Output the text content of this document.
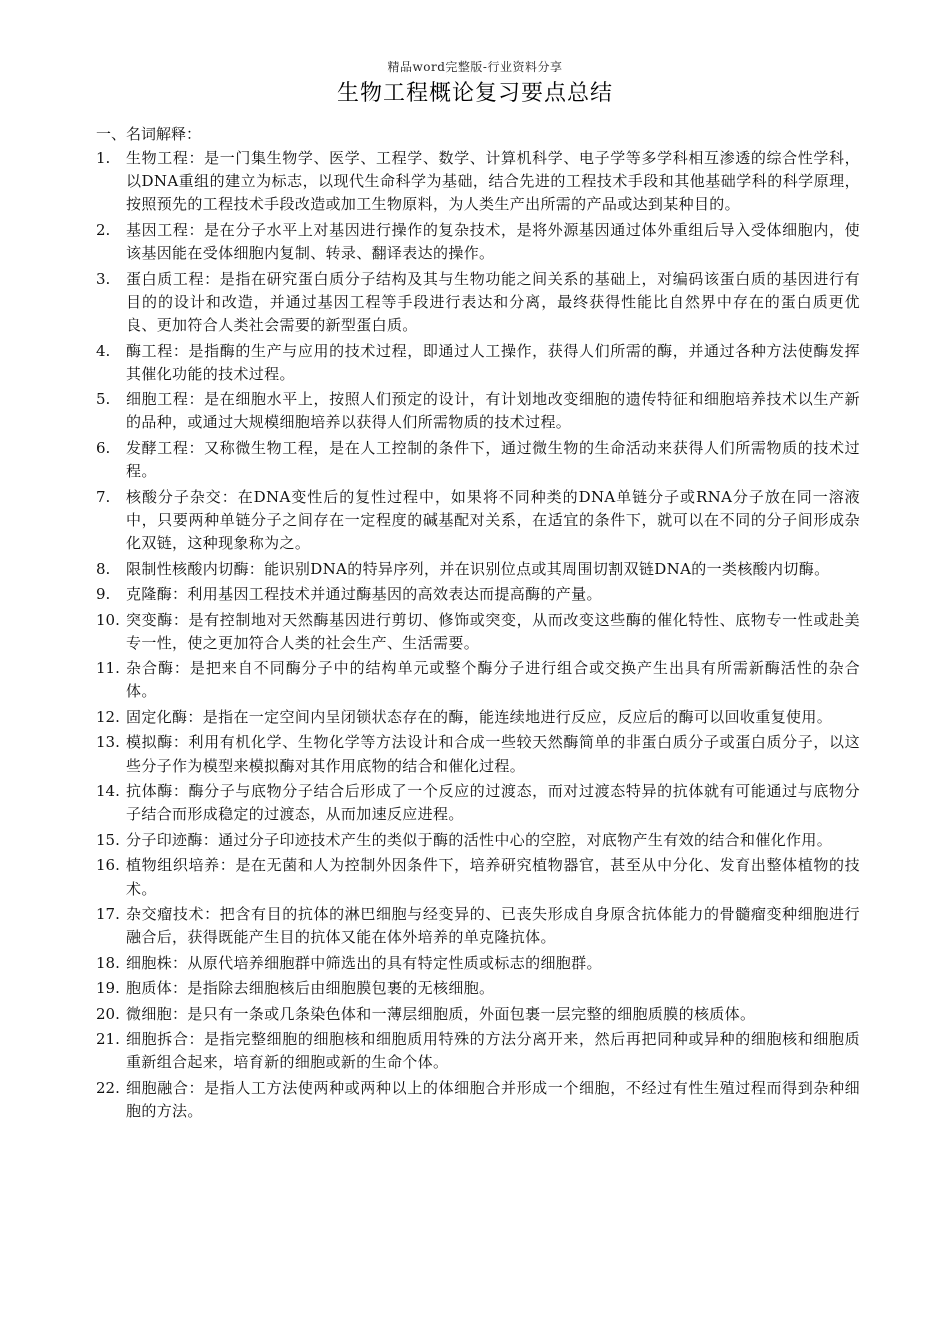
精品word完整版-行业资料分享
生物工程概论复习要点总结
一、名词解释：
1.	生物工程：是一门集生物学、医学、工程学、数学、计算机科学、电子学等多学科相互渗透的综合性学科，以DNA重组的建立为标志，以现代生命科学为基础，结合先进的工程技术手段和其他基础学科的科学原理，按照预先的工程技术手段改造或加工生物原料，为人类生产出所需的产品或达到某种目的。
2.	基因工程：是在分子水平上对基因进行操作的复杂技术，是将外源基因通过体外重组后导入受体细胞内，使该基因能在受体细胞内复制、转录、翻译表达的操作。
3.	蛋白质工程：是指在研究蛋白质分子结构及其与生物功能之间关系的基础上，对编码该蛋白质的基因进行有目的的设计和改造，并通过基因工程等手段进行表达和分离，最终获得性能比自然界中存在的蛋白质更优良、更加符合人类社会需要的新型蛋白质。
4.	酶工程：是指酶的生产与应用的技术过程，即通过人工操作，获得人们所需的酶，并通过各种方法使酶发挥其催化功能的技术过程。
5.	细胞工程：是在细胞水平上，按照人们预定的设计，有计划地改变细胞的遗传特征和细胞培养技术以生产新的品种，或通过大规模细胞培养以获得人们所需物质的技术过程。
6.	发酵工程：又称微生物工程，是在人工控制的条件下，通过微生物的生命活动来获得人们所需物质的技术过程。
7.	核酸分子杂交：在DNA变性后的复性过程中，如果将不同种类的DNA单链分子或RNA分子放在同一溶液中，只要两种单链分子之间存在一定程度的碱基配对关系，在适宜的条件下，就可以在不同的分子间形成杂化双链，这种现象称为之。
8.	限制性核酸内切酶：能识别DNA的特异序列，并在识别位点或其周围切割双链DNA的一类核酸内切酶。
9.	克隆酶：利用基因工程技术并通过酶基因的高效表达而提高酶的产量。
10. 突变酶：是有控制地对天然酶基因进行剪切、修饰或突变，从而改变这些酶的催化特性、底物专一性或赴美专一性，使之更加符合人类的社会生产、生活需要。
11. 杂合酶：是把来自不同酶分子中的结构单元或整个酶分子进行组合或交换产生出具有所需新酶活性的杂合体。
12. 固定化酶：是指在一定空间内呈闭锁状态存在的酶，能连续地进行反应，反应后的酶可以回收重复使用。
13. 模拟酶：利用有机化学、生物化学等方法设计和合成一些较天然酶简单的非蛋白质分子或蛋白质分子，以这些分子作为模型来模拟酶对其作用底物的结合和催化过程。
14. 抗体酶：酶分子与底物分子结合后形成了一个反应的过渡态，而对过渡态特异的抗体就有可能通过与底物分子结合而形成稳定的过渡态，从而加速反应进程。
15. 分子印迹酶：通过分子印迹技术产生的类似于酶的活性中心的空腔，对底物产生有效的结合和催化作用。
16. 植物组织培养：是在无菌和人为控制外因条件下，培养研究植物器官，甚至从中分化、发育出整体植物的技术。
17. 杂交瘤技术：把含有目的抗体的淋巴细胞与经变异的、已丧失形成自身原含抗体能力的骨髓瘤变种细胞进行融合后，获得既能产生目的抗体又能在体外培养的单克隆抗体。
18. 细胞株：从原代培养细胞群中筛选出的具有特定性质或标志的细胞群。
19. 胞质体：是指除去细胞核后由细胞膜包裹的无核细胞。
20. 微细胞：是只有一条或几条染色体和一薄层细胞质，外面包裹一层完整的细胞质膜的核质体。
21. 细胞拆合：是指完整细胞的细胞核和细胞质用特殊的方法分离开来，然后再把同种或异种的细胞核和细胞质重新组合起来，培育新的细胞或新的生命个体。
22. 细胞融合：是指人工方法使两种或两种以上的体细胞合并形成一个细胞，不经过有性生殖过程而得到杂种细胞的方法。
